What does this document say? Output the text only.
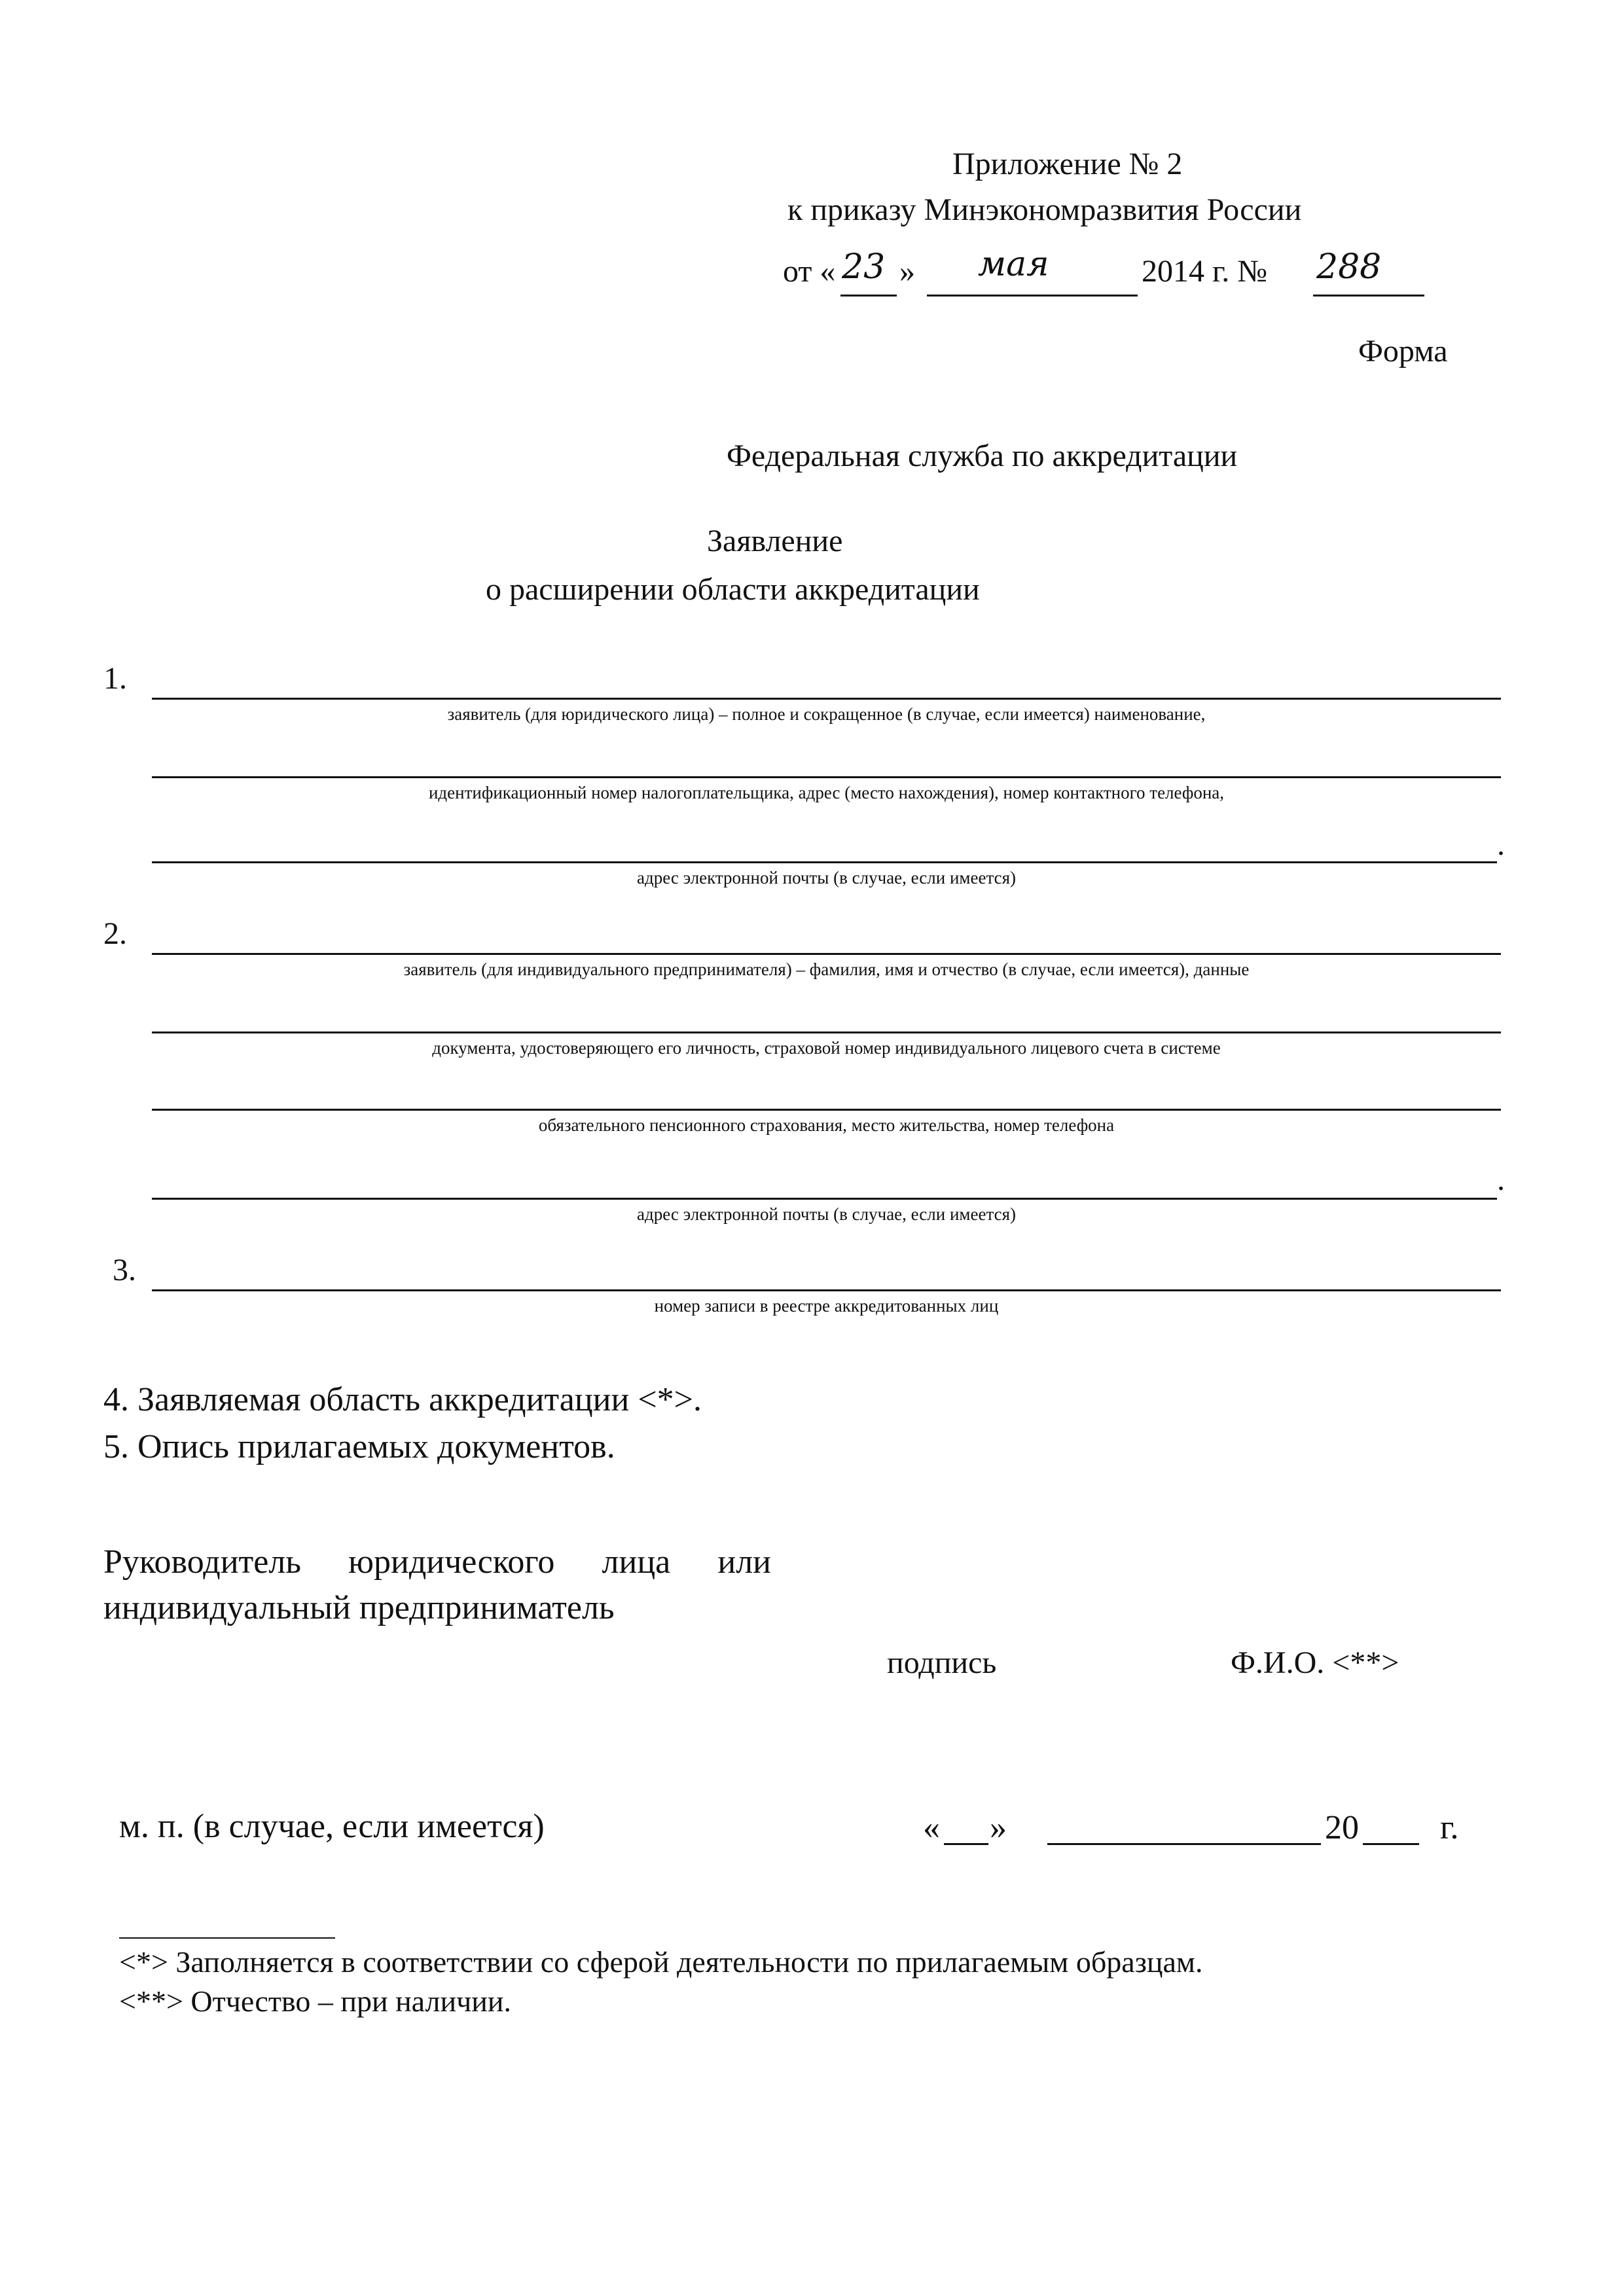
Приложение № 2
к приказу Минэкономразвития России
от « 23 » мая	2014 г. № 288
Форма
Федеральная служба по аккредитации
Заявление
о расширении области аккредитации
1.
заявитель (для юридического лица) – полное и сокращенное (в случае, если имеется) наименование,
идентификационный номер налогоплательщика, адрес (место нахождения), номер контактного телефона,
.
адрес электронной почты (в случае, если имеется)
2.
заявитель (для индивидуального предпринимателя) – фамилия, имя и отчество (в случае, если имеется), данные
документа, удостоверяющего его личность, страховой номер индивидуального лицевого счета в системе
обязательного пенсионного страхования, место жительства, номер телефона
.
адрес электронной почты (в случае, если имеется)
3.
номер записи в реестре аккредитованных лиц
4. Заявляемая область аккредитации <*>.
5. Опись прилагаемых документов.
Руководитель юридического лица или
индивидуальный предприниматель
подпись	Ф.И.О. <**>
м. п. (в случае, если имеется)	« »	20 г.
<*> Заполняется в соответствии со сферой деятельности по прилагаемым образцам.
<**> Отчество – при наличии.
